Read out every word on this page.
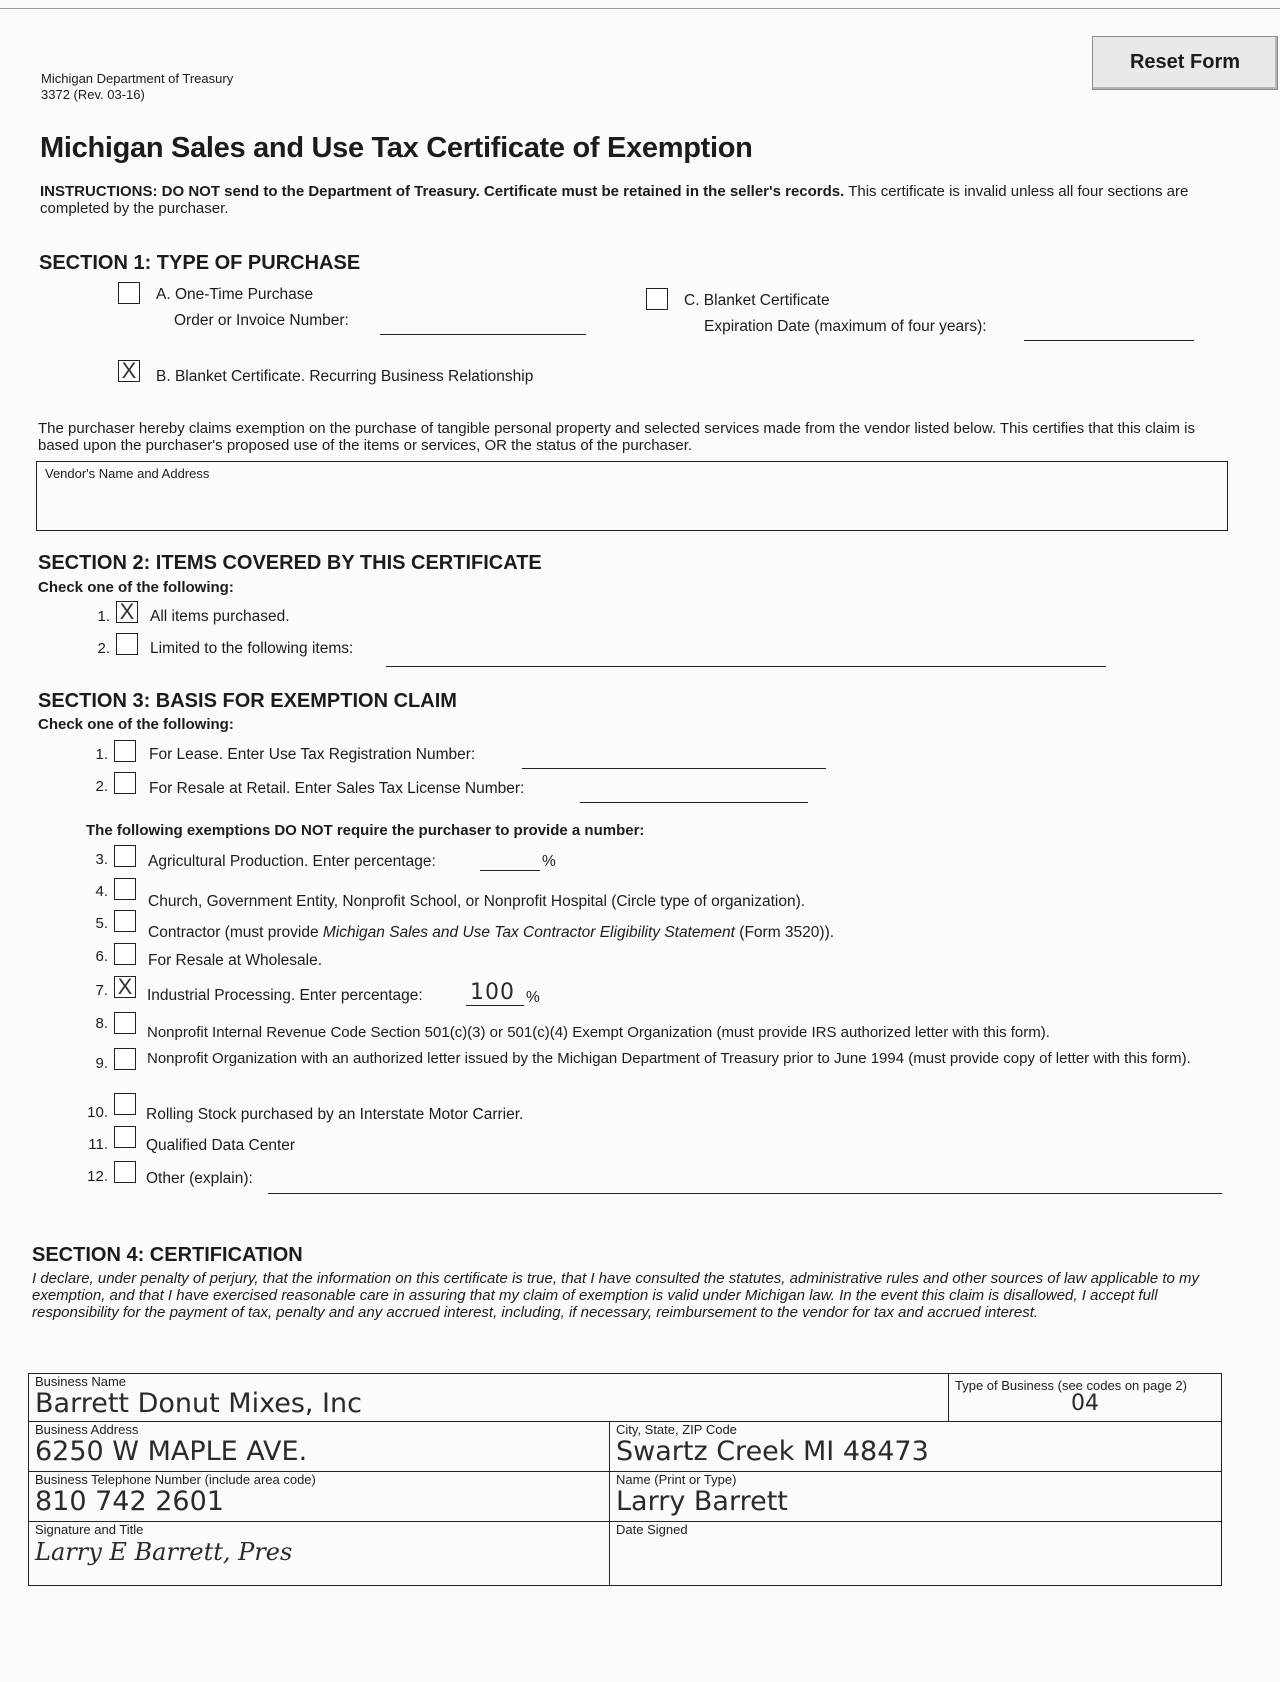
Michigan Department of Treasury
3372 (Rev. 03-16)
Reset Form
Michigan Sales and Use Tax Certificate of Exemption
INSTRUCTIONS: DO NOT send to the Department of Treasury. Certificate must be retained in the seller's records. This certificate is invalid unless all four sections are completed by the purchaser.
SECTION 1: TYPE OF PURCHASE
A. One-Time Purchase
Order or Invoice Number:
C. Blanket Certificate
Expiration Date (maximum of four years):
X B. Blanket Certificate. Recurring Business Relationship
The purchaser hereby claims exemption on the purchase of tangible personal property and selected services made from the vendor listed below. This certifies that this claim is based upon the purchaser's proposed use of the items or services, OR the status of the purchaser.
Vendor's Name and Address
SECTION 2: ITEMS COVERED BY THIS CERTIFICATE
Check one of the following:
1. X All items purchased.
2.	Limited to the following items:
SECTION 3: BASIS FOR EXEMPTION CLAIM
Check one of the following:
1.	For Lease. Enter Use Tax Registration Number:
2.	For Resale at Retail. Enter Sales Tax License Number:
The following exemptions DO NOT require the purchaser to provide a number:
3.	Agricultural Production. Enter percentage:	%
4.
Church, Government Entity, Nonprofit School, or Nonprofit Hospital (Circle type of organization).
5.
Contractor (must provide Michigan Sales and Use Tax Contractor Eligibility Statement (Form 3520)).
6.	For Resale at Wholesale.
7. X Industrial Processing. Enter percentage: 100 %
8.
Nonprofit Internal Revenue Code Section 501(c)(3) or 501(c)(4) Exempt Organization (must provide IRS authorized letter with this form).
9.	Nonprofit Organization with an authorized letter issued by the Michigan Department of Treasury prior to June 1994 (must provide copy of letter with this form).
10. Rolling Stock purchased by an Interstate Motor Carrier.
11. Qualified Data Center
12. Other (explain):
SECTION 4: CERTIFICATION
I declare, under penalty of perjury, that the information on this certificate is true, that I have consulted the statutes, administrative rules and other sources of law applicable to my exemption, and that I have exercised reasonable care in assuring that my claim of exemption is valid under Michigan law. In the event this claim is disallowed, I accept full responsibility for the payment of tax, penalty and any accrued interest, including, if necessary, reimbursement to the vendor for tax and accrued interest.
Business Name
Barrett Donut Mixes, Inc		Type of Business (see codes on page 2)
04

Business Address
6250 W MAPLE AVE.	City, State, ZIP Code
Swartz Creek MI 48473	

Business Telephone Number (include area code)
810 742 2601	Name (Print or Type)
Larry Barrett	

Signature and Title
Larry E Barrett, Pres	Date Signed	
